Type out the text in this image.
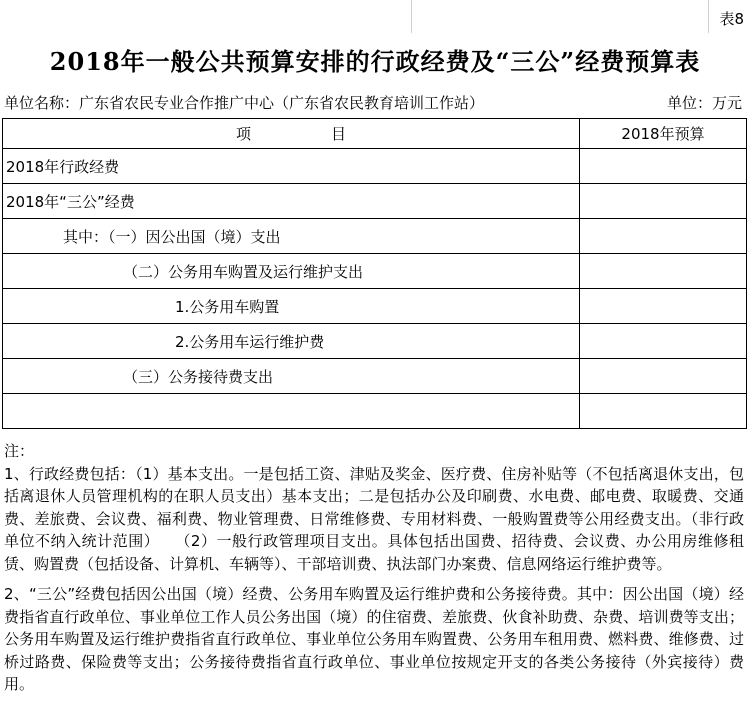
表8
2018年一般公共预算安排的行政经费及“三公”经费预算表
单位名称：广东省农民专业合作推广中心（广东省农民教育培训工作站）	单位：万元
项 目	2018年预算
2018年行政经费	
2018年“三公”经费	
其中：（一）因公出国（境）支出	
（二）公务用车购置及运行维护支出	
1.公务用车购置	
2.公务用车运行维护费	
（三）公务接待费支出	

注：

1、行政经费包括：（1）基本支出。一是包括工资、津贴及奖金、医疗费、住房补贴等（不包括离退休支出，包括离退休人员管理机构的在职人员支出）基本支出；二是包括办公及印刷费、水电费、邮电费、取暖费、交通费、差旅费、会议费、福利费、物业管理费、日常维修费、专用材料费、一般购置费等公用经费支出。（非行政单位不纳入统计范围）　　（2）一般行政管理项目支出。具体包括出国费、招待费、会议费、办公用房维修租赁、购置费（包括设备、计算机、车辆等）、干部培训费、执法部门办案费、信息网络运行维护费等。

2、“三公”经费包括因公出国（境）经费、公务用车购置及运行维护费和公务接待费。其中：因公出国（境）经费指省直行政单位、事业单位工作人员公务出国（境）的住宿费、差旅费、伙食补助费、杂费、培训费等支出；公务用车购置及运行维护费指省直行政单位、事业单位公务用车购置费、公务用车租用费、燃料费、维修费、过桥过路费、保险费等支出；公务接待费指省直行政单位、事业单位按规定开支的各类公务接待（外宾接待）费用。
